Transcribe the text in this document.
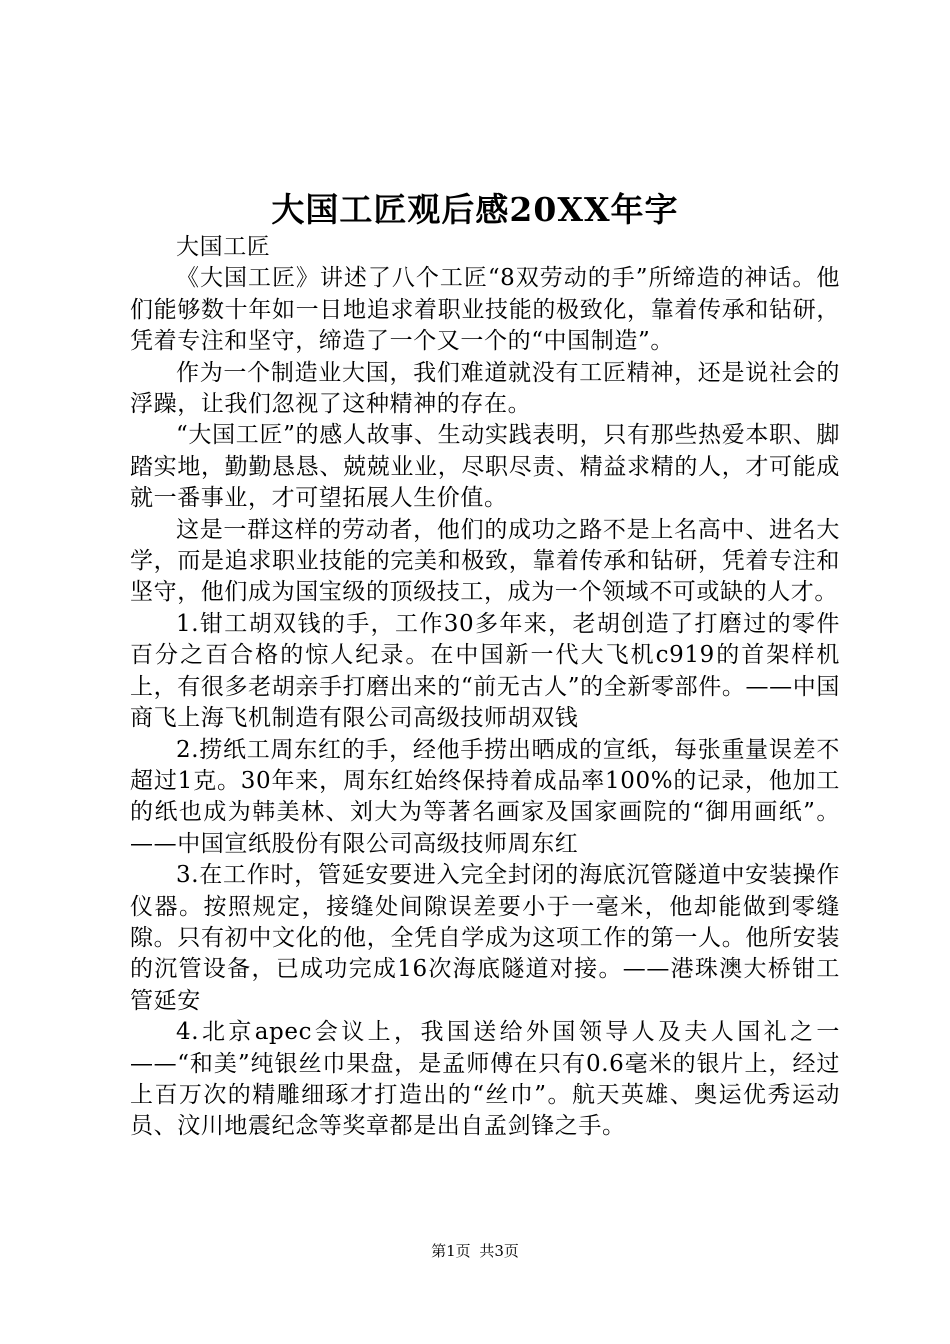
大国工匠观后感20XX年字

大国工匠

《大国工匠》讲述了八个工匠“8双劳动的手”所缔造的神话。他们能够数十年如一日地追求着职业技能的极致化，靠着传承和钻研，凭着专注和坚守，缔造了一个又一个的“中国制造”。

作为一个制造业大国，我们难道就没有工匠精神，还是说社会的浮躁，让我们忽视了这种精神的存在。

“大国工匠”的感人故事、生动实践表明，只有那些热爱本职、脚踏实地，勤勤恳恳、兢兢业业，尽职尽责、精益求精的人，才可能成就一番事业，才可望拓展人生价值。

这是一群这样的劳动者，他们的成功之路不是上名高中、进名大学，而是追求职业技能的完美和极致，靠着传承和钻研，凭着专注和坚守，他们成为国宝级的顶级技工，成为一个领域不可或缺的人才。

1.钳工胡双钱的手，工作30多年来，老胡创造了打磨过的零件百分之百合格的惊人纪录。在中国新一代大飞机c919的首架样机上，有很多老胡亲手打磨出来的“前无古人”的全新零部件。——中国商飞上海飞机制造有限公司高级技师胡双钱

2.捞纸工周东红的手，经他手捞出晒成的宣纸，每张重量误差不超过1克。30年来，周东红始终保持着成品率100%的记录，他加工的纸也成为韩美林、刘大为等著名画家及国家画院的“御用画纸”。——中国宣纸股份有限公司高级技师周东红

3.在工作时，管延安要进入完全封闭的海底沉管隧道中安装操作仪器。按照规定，接缝处间隙误差要小于一毫米，他却能做到零缝隙。只有初中文化的他，全凭自学成为这项工作的第一人。他所安装的沉管设备，已成功完成16次海底隧道对接。——港珠澳大桥钳工管延安

4.北京apec会议上，我国送给外国领导人及夫人国礼之一——“和美”纯银丝巾果盘，是孟师傅在只有0.6毫米的银片上，经过上百万次的精雕细琢才打造出的“丝巾”。航天英雄、奥运优秀运动员、汶川地震纪念等奖章都是出自孟剑锋之手。

第1页 共3页
